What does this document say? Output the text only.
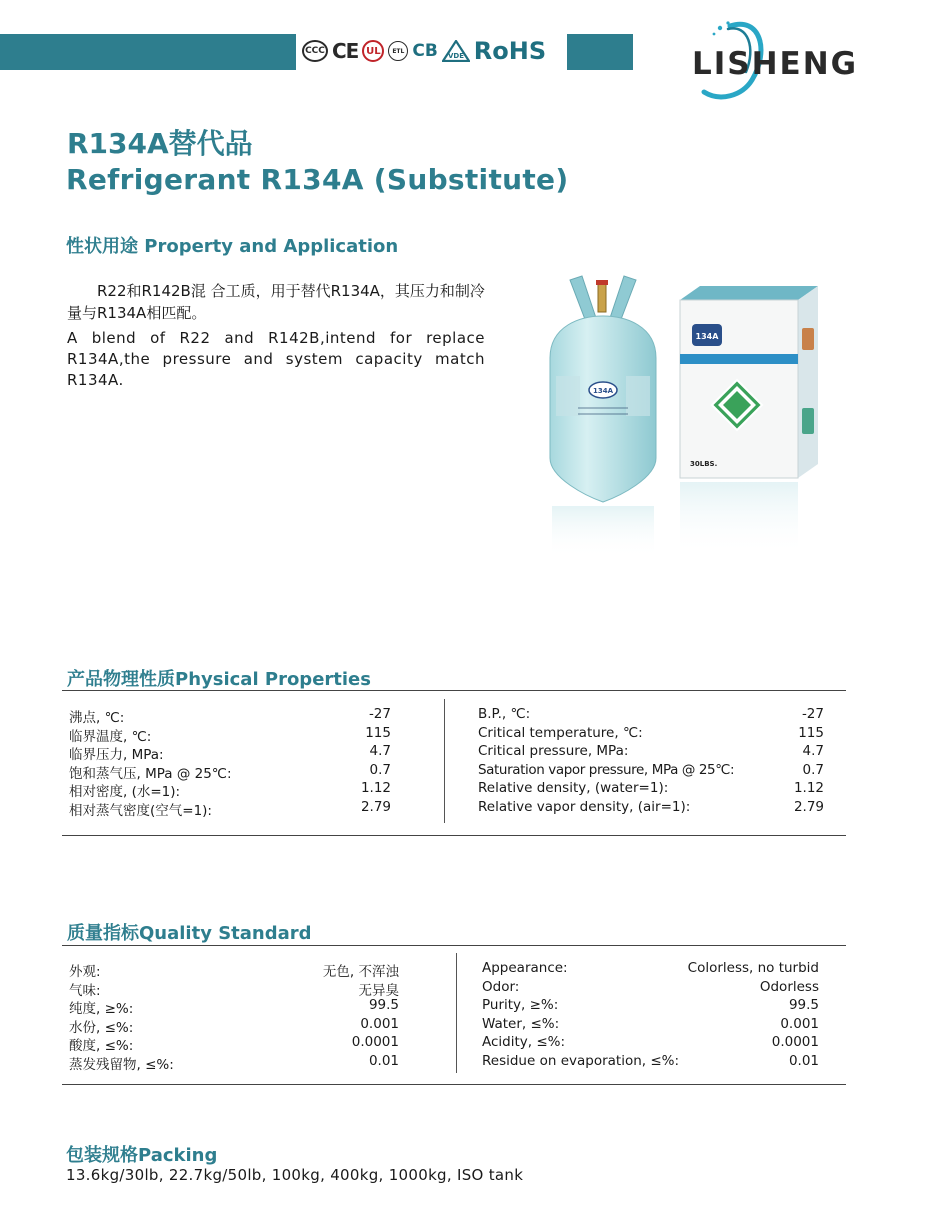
CCC CE UL	ETL CB VDE RoHS	LISHENG
R134A替代品
Refrigerant R134A (Substitute)
性状用途 Property and Application
R22和R142B混 合工质，用于替代R134A，其压力和制冷量与R134A相匹配。
A blend of R22 and R142B,intend for replace R134A,the pressure and system capacity match R134A.
134A
134A
30LBS.
产品物理性质Physical Properties
沸点, ℃:	-27
临界温度, ℃:	115
临界压力, MPa:	4.7
饱和蒸气压, MPa @ 25℃:	0.7
相对密度, (水=1):	1.12
相对蒸气密度(空气=1):	2.79
B.P., ℃:	-27
Critical temperature, ℃:	115
Critical pressure, MPa:	4.7
Saturation vapor pressure, MPa @ 25℃:	0.7
Relative density, (water=1):	1.12
Relative vapor density, (air=1):	2.79
质量指标Quality Standard
外观:	无色, 不浑浊
气味:	无异臭
纯度, ≥%:	99.5
水份, ≤%:	0.001
酸度, ≤%:	0.0001
蒸发残留物, ≤%:	0.01
Appearance:	Colorless, no turbid
Odor:	Odorless
Purity, ≥%:	99.5
Water, ≤%:	0.001
Acidity, ≤%:	0.0001
Residue on evaporation, ≤%:	0.01
包装规格Packing
13.6kg/30lb, 22.7kg/50lb, 100kg, 400kg, 1000kg, ISO tank
